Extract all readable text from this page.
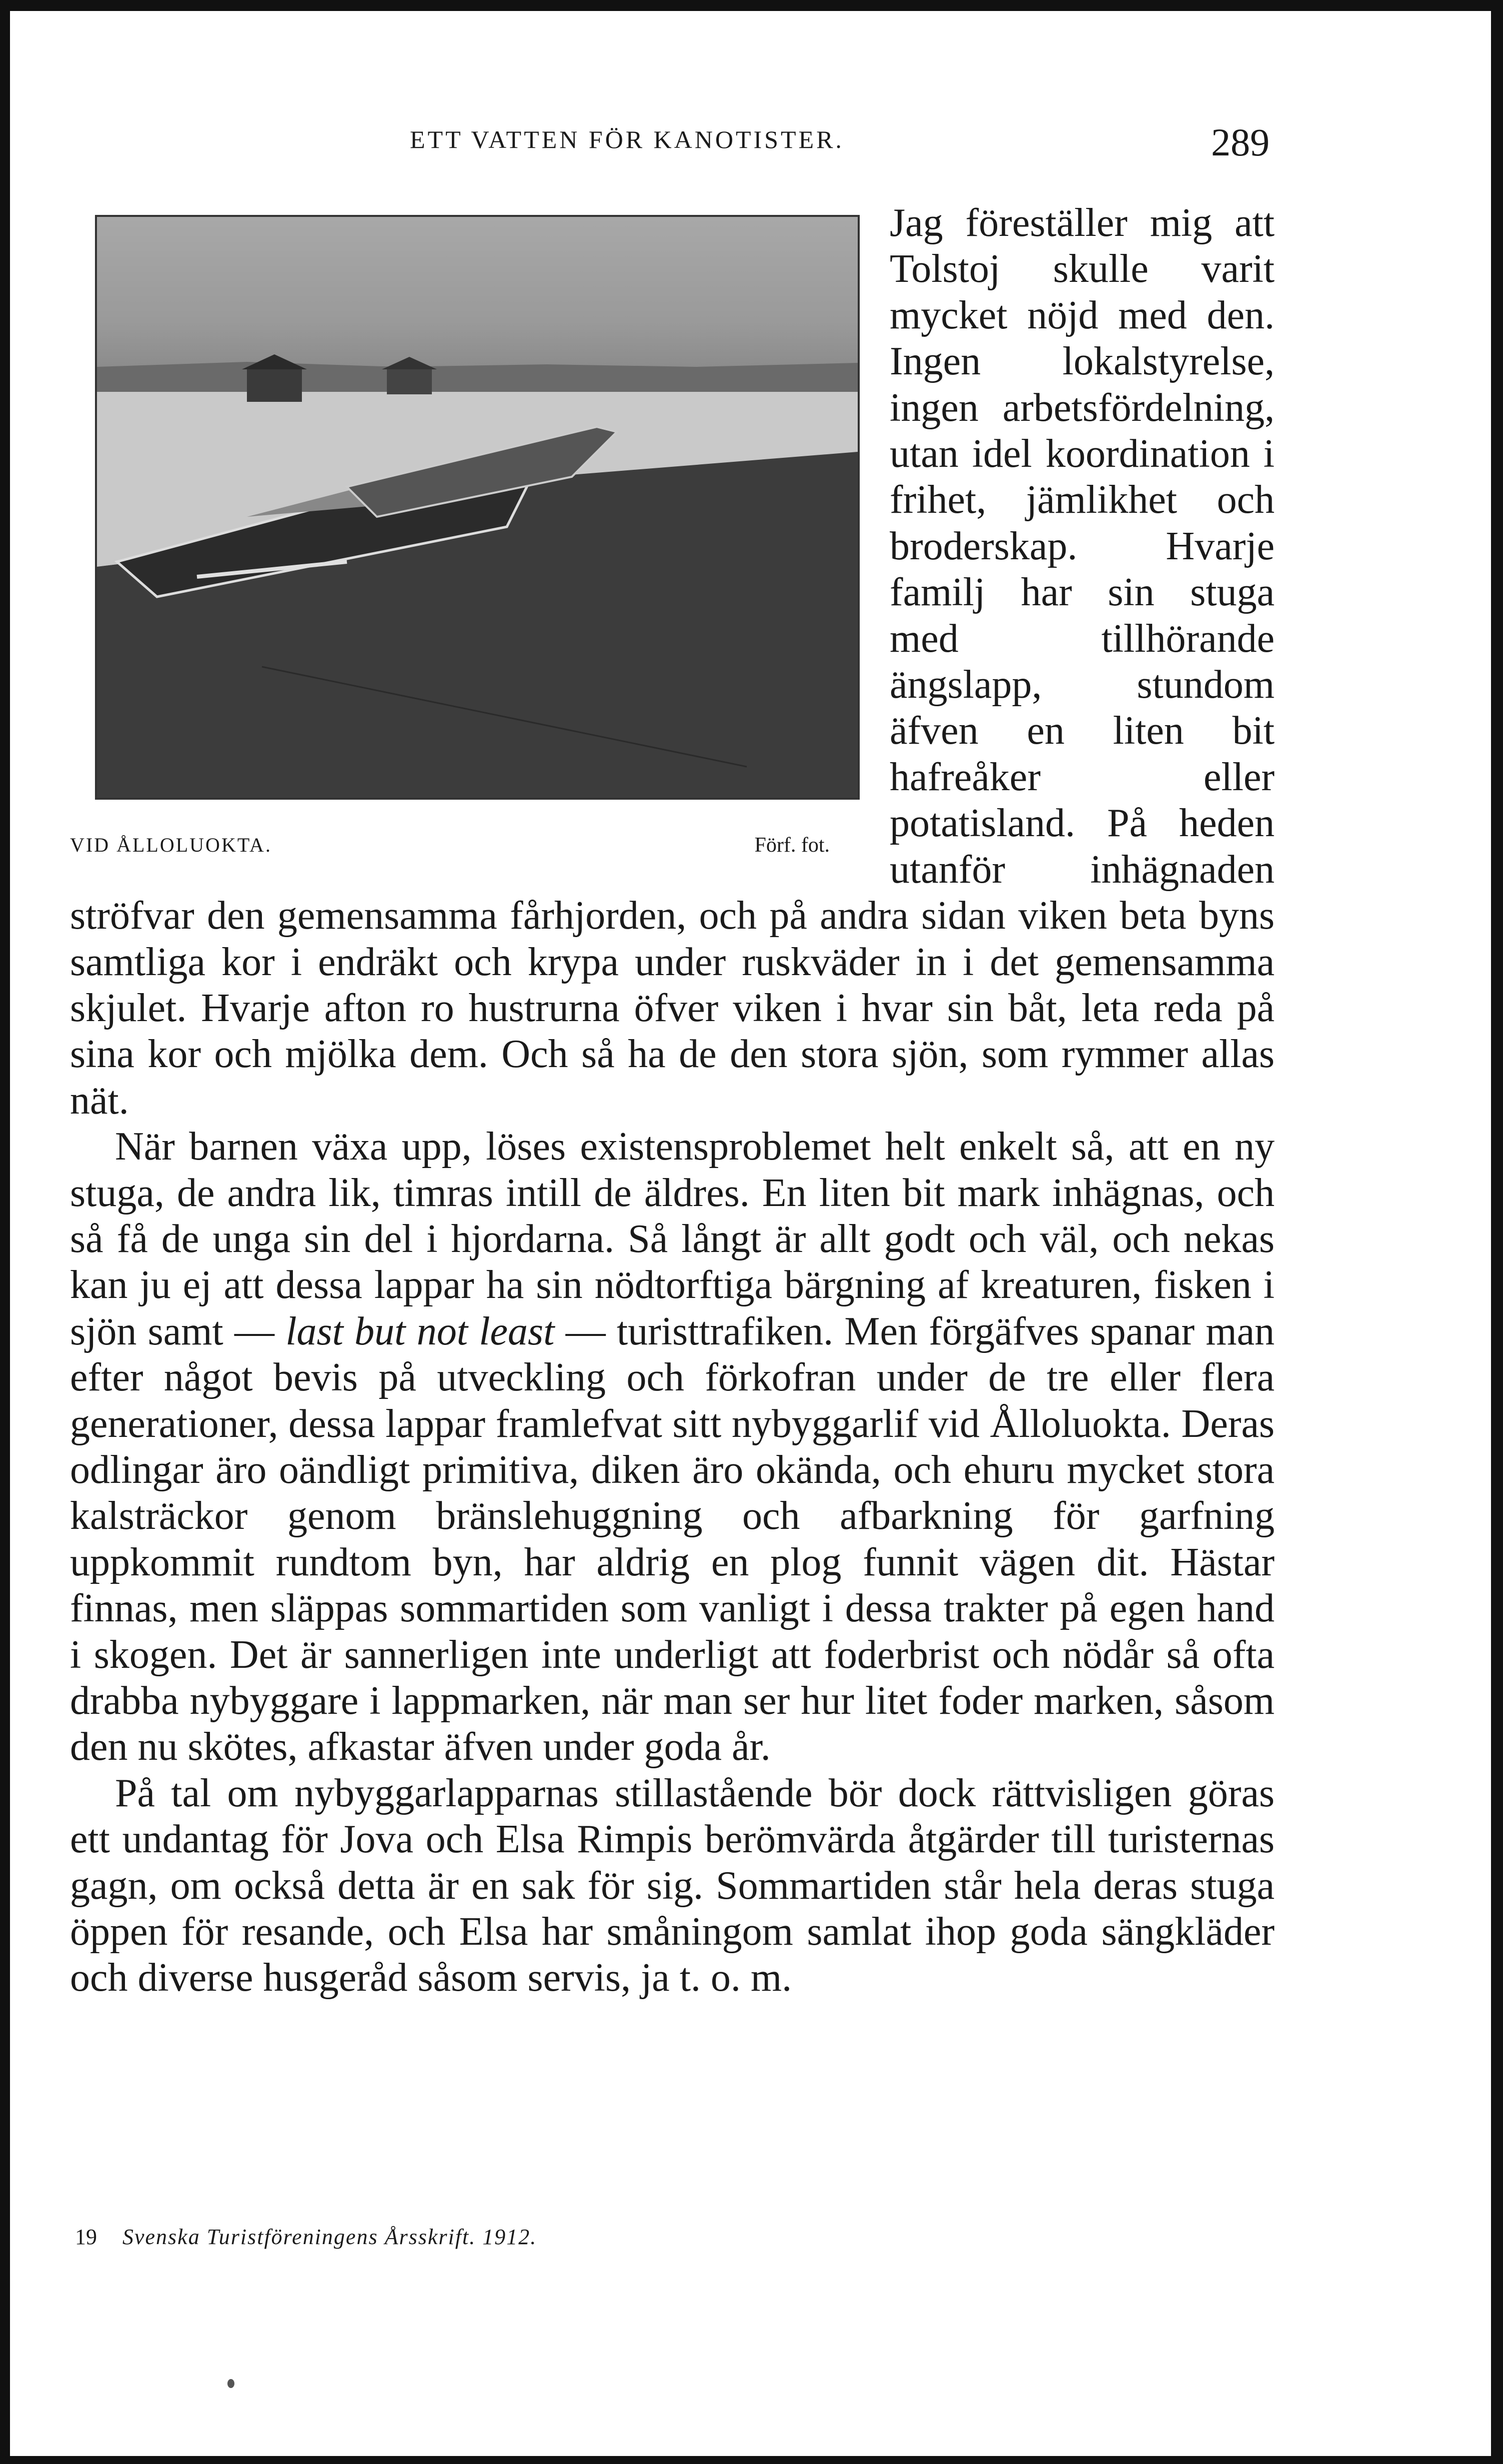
ETT VATTEN FÖR KANOTISTER.	289

VID ÅLLOLUOKTA.	Förf. fot.
Jag föreställer mig att Tolstoj skulle varit mycket nöjd med den. Ingen lokalstyrelse, ingen arbetsfördelning, utan idel koordination i frihet, jämlikhet och broderskap. Hvarje familj har sin stuga med tillhörande ängslapp, stundom äfven en liten bit hafreåker eller potatisland. På heden utanför inhägnaden ströfvar den gemensamma fårhjorden, och på andra sidan viken beta byns samtliga kor i endräkt och krypa under ruskväder in i det gemensamma skjulet. Hvarje afton ro hustrurna öfver viken i hvar sin båt, leta reda på sina kor och mjölka dem. Och så ha de den stora sjön, som rymmer allas nät.

När barnen växa upp, löses existensproblemet helt enkelt så, att en ny stuga, de andra lik, timras intill de äldres. En liten bit mark inhägnas, och så få de unga sin del i hjordarna. Så långt är allt godt och väl, och nekas kan ju ej att dessa lappar ha sin nödtorftiga bärgning af kreaturen, fisken i sjön samt — last but not least — turisttrafiken. Men förgäfves spanar man efter något bevis på utveckling och förkofran under de tre eller flera generationer, dessa lappar framlefvat sitt nybyggarlif vid Ålloluokta. Deras odlingar äro oändligt primitiva, diken äro okända, och ehuru mycket stora kalsträckor genom bränslehuggning och afbarkning för garfning uppkommit rundtom byn, har aldrig en plog funnit vägen dit. Hästar finnas, men släppas sommartiden som vanligt i dessa trakter på egen hand i skogen. Det är sannerligen inte underligt att foderbrist och nödår så ofta drabba nybyggare i lappmarken, när man ser hur litet foder marken, såsom den nu skötes, afkastar äfven under goda år.

På tal om nybyggarlapparnas stillastående bör dock rättvisligen göras ett undantag för Jova och Elsa Rimpis berömvärda åtgärder till turisternas gagn, om också detta är en sak för sig. Sommartiden står hela deras stuga öppen för resande, och Elsa har småningom samlat ihop goda sängkläder och diverse husgeråd såsom servis, ja t. o. m.

19 Svenska Turistföreningens Årsskrift. 1912.
